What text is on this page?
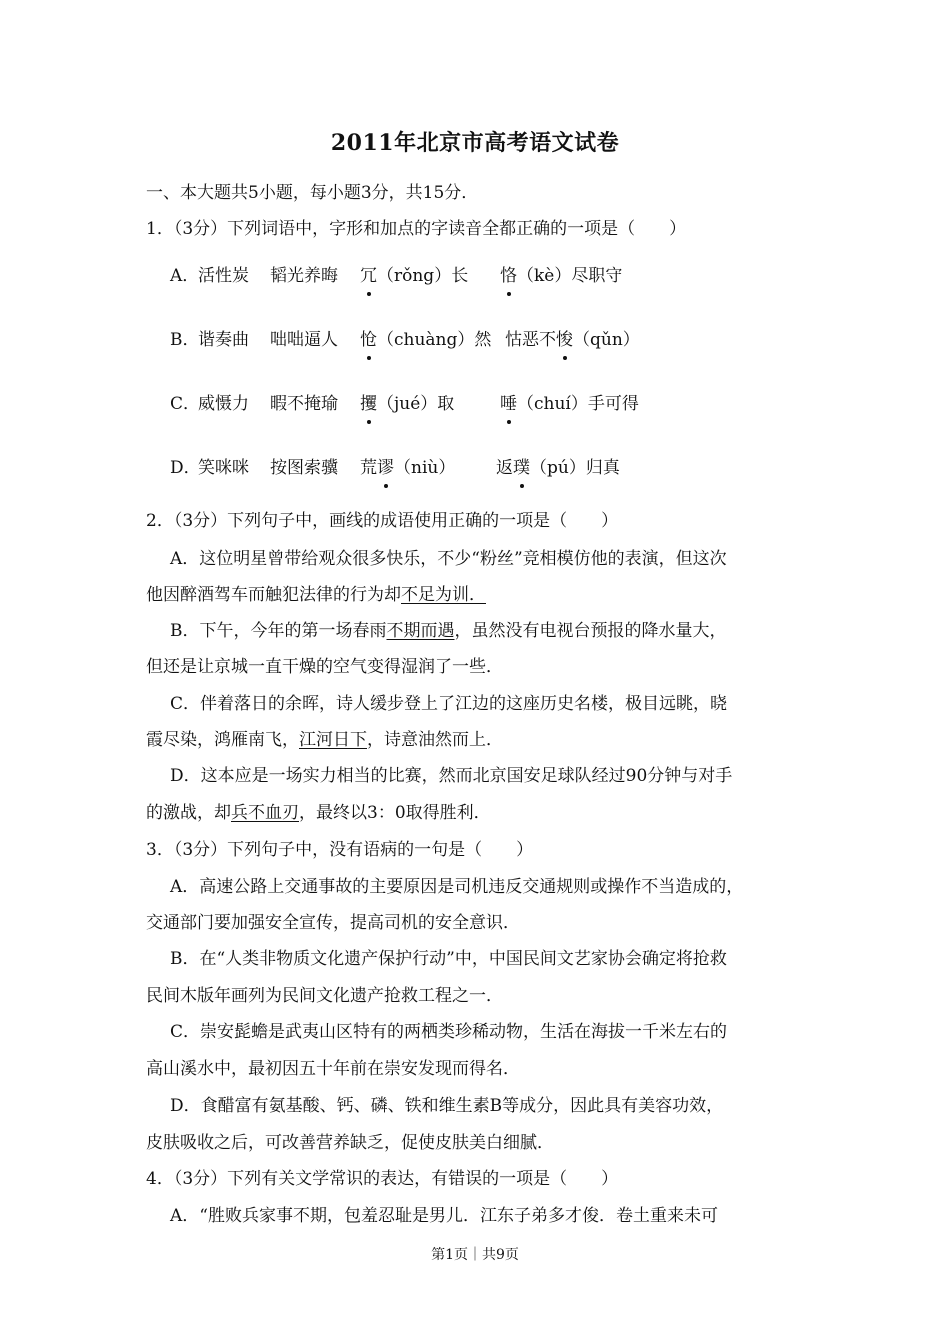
2011年北京市高考语文试卷
一、本大题共5小题，每小题3分，共15分．
1．（3分）下列词语中，字形和加点的字读音全都正确的一项是（　　）
A．
活性炭 韬光养晦 冗（rǒng）长 恪（kè）尽职守
B．
谐奏曲 咄咄逼人 怆（chuàng）然 怙恶不悛（qǔn）
C．
威慑力 暇不掩瑜 攫（jué）取	唾（chuí）手可得
D．
笑咪咪 按图索骥 荒谬（niù） 返璞（pú）归真
2．（3分）下列句子中，画线的成语使用正确的一项是（　　）
A．这位明星曾带给观众很多快乐，不少“粉丝”竞相模仿他的表演，但这次
他因醉酒驾车而触犯法律的行为却不足为训．
B．下午，今年的第一场春雨不期而遇，虽然没有电视台预报的降水量大，
但还是让京城一直干燥的空气变得湿润了一些．
C．伴着落日的余晖，诗人缓步登上了江边的这座历史名楼，极目远眺，晓
霞尽染，鸿雁南飞，江河日下，诗意油然而上．
D．这本应是一场实力相当的比赛，然而北京国安足球队经过90分钟与对手
的激战，却兵不血刃，最终以3：0取得胜利．
3．（3分）下列句子中，没有语病的一句是（　　）
A．高速公路上交通事故的主要原因是司机违反交通规则或操作不当造成的，
交通部门要加强安全宣传，提高司机的安全意识．
B．在“人类非物质文化遗产保护行动”中，中国民间文艺家协会确定将抢救
民间木版年画列为民间文化遗产抢救工程之一．
C．崇安髭蟾是武夷山区特有的两栖类珍稀动物，生活在海拔一千米左右的
高山溪水中，最初因五十年前在崇安发现而得名．
D．食醋富有氨基酸、钙、磷、铁和维生素B等成分，因此具有美容功效，
皮肤吸收之后，可改善营养缺乏，促使皮肤美白细腻．
4．（3分）下列有关文学常识的表达，有错误的一项是（　　）
A．“胜败兵家事不期，包羞忍耻是男儿．江东子弟多才俊．卷土重来未可
第1页｜共9页
